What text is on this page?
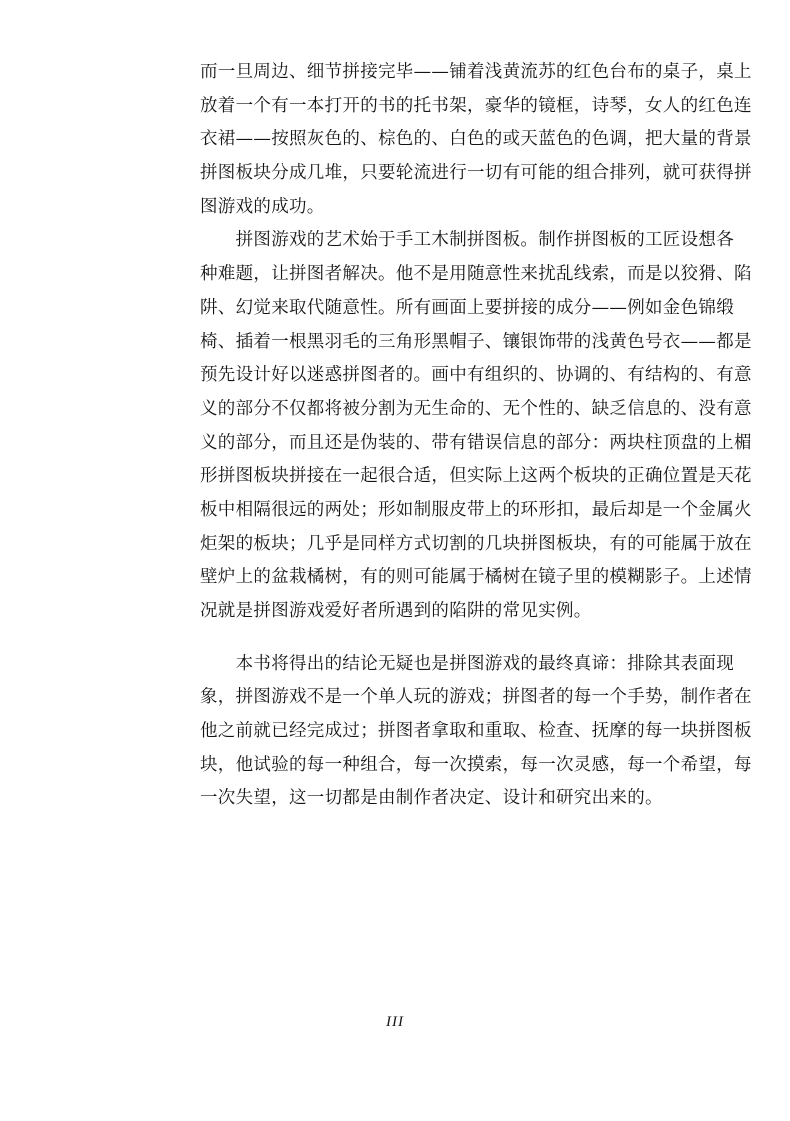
而一旦周边、细节拼接完毕——铺着浅黄流苏的红色台布的桌子，桌上
放着一个有一本打开的书的托书架，豪华的镜框，诗琴，女人的红色连
衣裙——按照灰色的、棕色的、白色的或天蓝色的色调，把大量的背景
拼图板块分成几堆，只要轮流进行一切有可能的组合排列，就可获得拼
图游戏的成功。
　　拼图游戏的艺术始于手工木制拼图板。制作拼图板的工匠设想各
种难题，让拼图者解决。他不是用随意性来扰乱线索，而是以狡猾、陷
阱、幻觉来取代随意性。所有画面上要拼接的成分——例如金色锦缎
椅、插着一根黑羽毛的三角形黑帽子、镶银饰带的浅黄色号衣——都是
预先设计好以迷惑拼图者的。画中有组织的、协调的、有结构的、有意
义的部分不仅都将被分割为无生命的、无个性的、缺乏信息的、没有意
义的部分，而且还是伪装的、带有错误信息的部分：两块柱顶盘的上楣
形拼图板块拼接在一起很合适，但实际上这两个板块的正确位置是天花
板中相隔很远的两处；形如制服皮带上的环形扣，最后却是一个金属火
炬架的板块；几乎是同样方式切割的几块拼图板块，有的可能属于放在
壁炉上的盆栽橘树，有的则可能属于橘树在镜子里的模糊影子。上述情
况就是拼图游戏爱好者所遇到的陷阱的常见实例。
　　本书将得出的结论无疑也是拼图游戏的最终真谛：排除其表面现
象，拼图游戏不是一个单人玩的游戏；拼图者的每一个手势，制作者在
他之前就已经完成过；拼图者拿取和重取、检查、抚摩的每一块拼图板
块，他试验的每一种组合，每一次摸索，每一次灵感，每一个希望，每
一次失望，这一切都是由制作者决定、设计和研究出来的。
III
